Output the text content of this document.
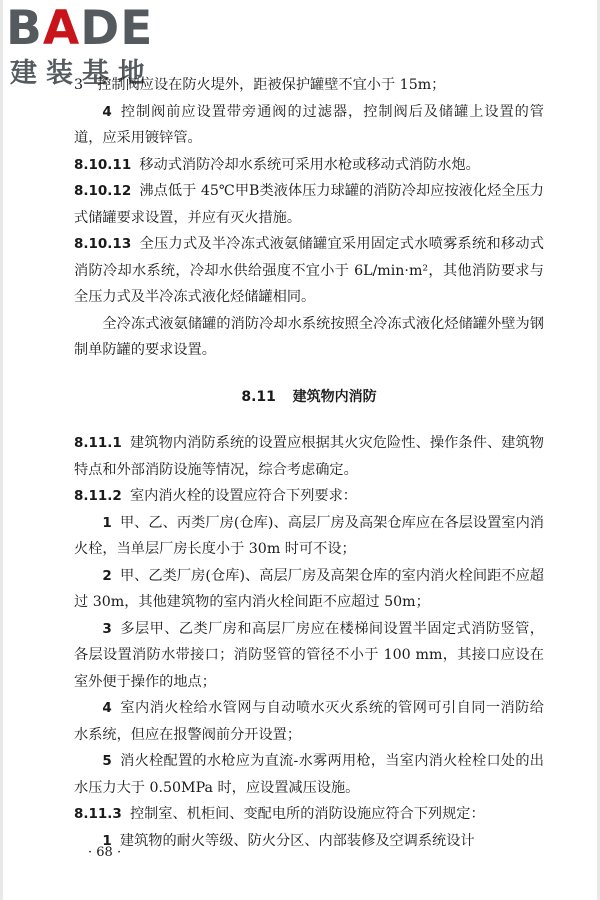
BADE
建装基地

3　控制阀应设在防火堤外，距被保护罐壁不宜小于 15m；

4 控制阀前应设置带旁通阀的过滤器，控制阀后及储罐上设置的管道，应采用镀锌管。

8.10.11 移动式消防冷却水系统可采用水枪或移动式消防水炮。

8.10.12 沸点低于 45℃甲B类液体压力球罐的消防冷却应按液化烃全压力式储罐要求设置，并应有灭火措施。

8.10.13 全压力式及半冷冻式液氨储罐宜采用固定式水喷雾系统和移动式消防冷却水系统，冷却水供给强度不宜小于 6L/min·m²，其他消防要求与全压力式及半冷冻式液化烃储罐相同。

全冷冻式液氨储罐的消防冷却水系统按照全冷冻式液化烃储罐外壁为钢制单防罐的要求设置。

8.11 建筑物内消防

8.11.1 建筑物内消防系统的设置应根据其火灾危险性、操作条件、建筑物特点和外部消防设施等情况，综合考虑确定。

8.11.2 室内消火栓的设置应符合下列要求：

1 甲、乙、丙类厂房(仓库)、高层厂房及高架仓库应在各层设置室内消火栓，当单层厂房长度小于 30m 时可不设；

2 甲、乙类厂房(仓库)、高层厂房及高架仓库的室内消火栓间距不应超过 30m，其他建筑物的室内消火栓间距不应超过 50m；

3 多层甲、乙类厂房和高层厂房应在楼梯间设置半固定式消防竖管，各层设置消防水带接口；消防竖管的管径不小于 100 mm，其接口应设在室外便于操作的地点；

4 室内消火栓给水管网与自动喷水灭火系统的管网可引自同一消防给水系统，但应在报警阀前分开设置；

5 消火栓配置的水枪应为直流-水雾两用枪，当室内消火栓栓口处的出水压力大于 0.50MPa 时，应设置减压设施。

8.11.3 控制室、机柜间、变配电所的消防设施应符合下列规定：

1 建筑物的耐火等级、防火分区、内部装修及空调系统设计

· 68 ·
